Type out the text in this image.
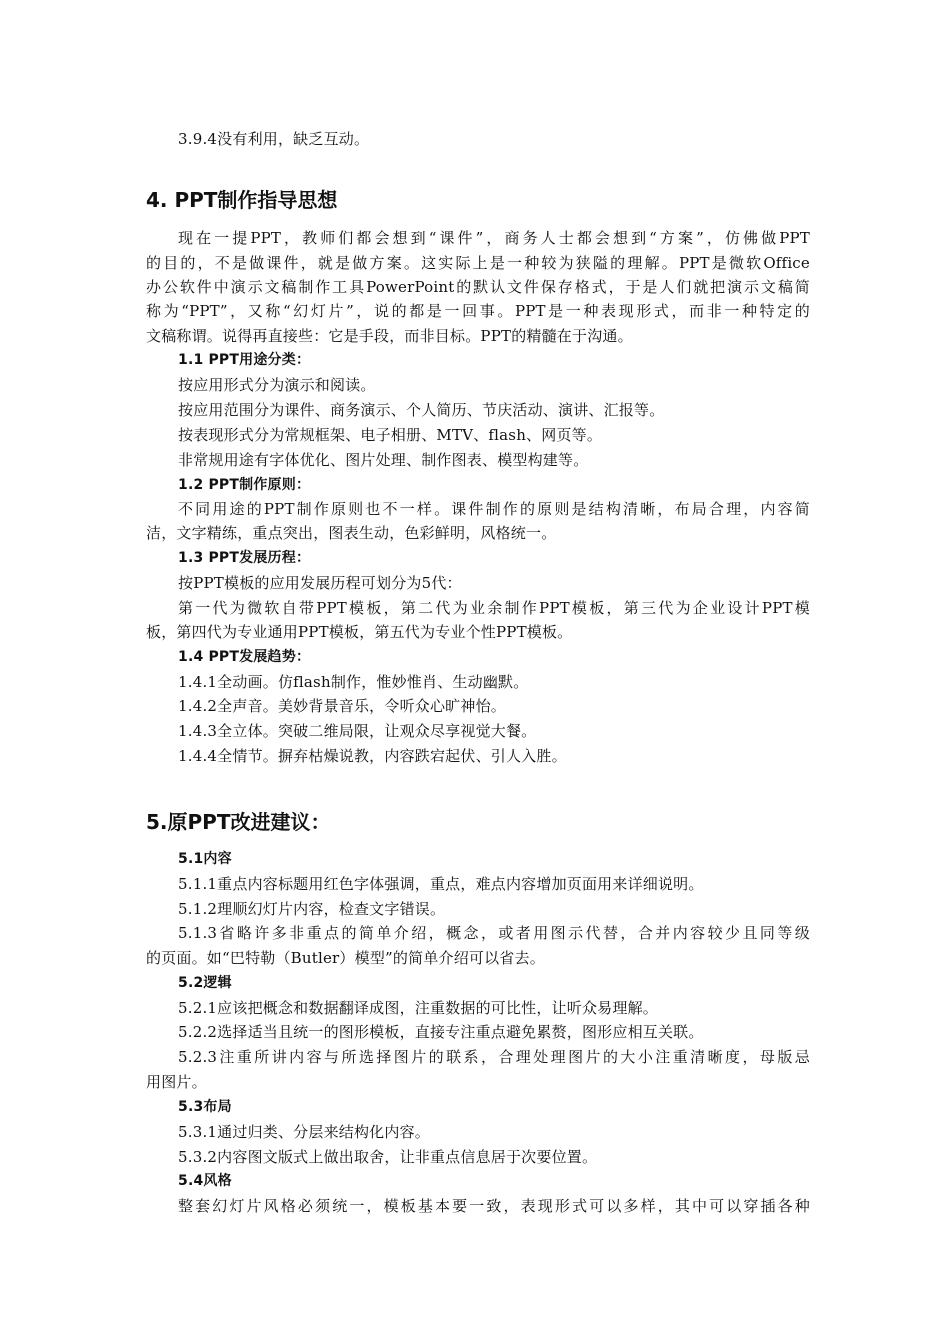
3.9.4没有利用，缺乏互动。
4. PPT制作指导思想
现在一提PPT，教师们都会想到“课件”，商务人士都会想到“方案”，仿佛做PPT
的目的，不是做课件，就是做方案。这实际上是一种较为狭隘的理解。PPT是微软Office
办公软件中演示文稿制作工具PowerPoint的默认文件保存格式，于是人们就把演示文稿简
称为“PPT”，又称“幻灯片”，说的都是一回事。PPT是一种表现形式，而非一种特定的
文稿称谓。说得再直接些：它是手段，而非目标。PPT的精髓在于沟通。
1.1 PPT用途分类：
按应用形式分为演示和阅读。
按应用范围分为课件、商务演示、个人简历、节庆活动、演讲、汇报等。
按表现形式分为常规框架、电子相册、MTV、flash、网页等。
非常规用途有字体优化、图片处理、制作图表、模型构建等。
1.2 PPT制作原则：
不同用途的PPT制作原则也不一样。课件制作的原则是结构清晰，布局合理，内容简
洁，文字精练，重点突出，图表生动，色彩鲜明，风格统一。
1.3 PPT发展历程：
按PPT模板的应用发展历程可划分为5代：
第一代为微软自带PPT模板，第二代为业余制作PPT模板，第三代为企业设计PPT模
板，第四代为专业通用PPT模板，第五代为专业个性PPT模板。
1.4 PPT发展趋势：
1.4.1全动画。仿flash制作，惟妙惟肖、生动幽默。
1.4.2全声音。美妙背景音乐，令听众心旷神怡。
1.4.3全立体。突破二维局限，让观众尽享视觉大餐。
1.4.4全情节。摒弃枯燥说教，内容跌宕起伏、引人入胜。
5.原PPT改进建议：
5.1内容
5.1.1重点内容标题用红色字体强调，重点，难点内容增加页面用来详细说明。
5.1.2理顺幻灯片内容，检查文字错误。
5.1.3省略许多非重点的简单介绍，概念，或者用图示代替，合并内容较少且同等级
的页面。如“巴特勒（Butler）模型”的简单介绍可以省去。
5.2逻辑
5.2.1应该把概念和数据翻译成图，注重数据的可比性，让听众易理解。
5.2.2选择适当且统一的图形模板，直接专注重点避免累赘，图形应相互关联。
5.2.3注重所讲内容与所选择图片的联系，合理处理图片的大小注重清晰度，母版忌
用图片。
5.3布局
5.3.1通过归类、分层来结构化内容。
5.3.2内容图文版式上做出取舍，让非重点信息居于次要位置。
5.4风格
整套幻灯片风格必须统一，模板基本要一致，表现形式可以多样，其中可以穿插各种
